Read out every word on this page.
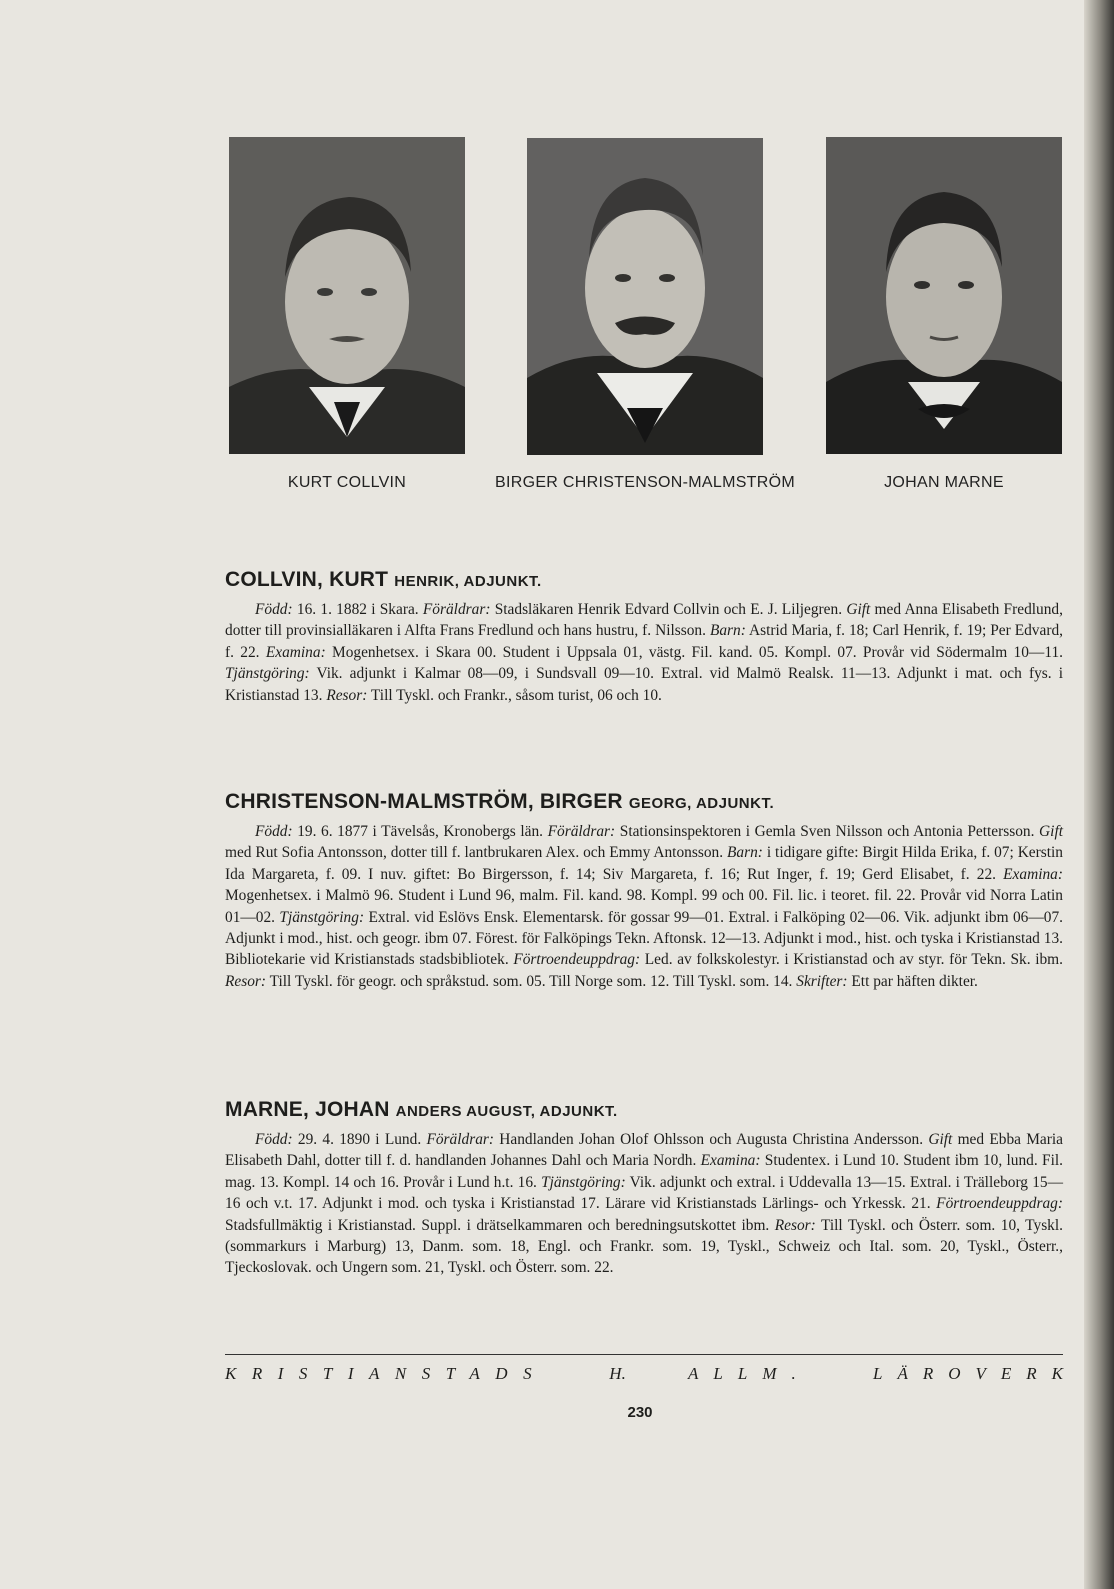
KURT COLLVIN	BIRGER CHRISTENSON-MALMSTRÖM	JOHAN MARNE
COLLVIN, KURT HENRIK, ADJUNKT.

Född: 16. 1. 1882 i Skara. Föräldrar: Stadsläkaren Henrik Edvard Collvin och E. J. Liljegren. Gift med Anna Elisabeth Fredlund, dotter till provinsialläkaren i Alfta Frans Fredlund och hans hustru, f. Nilsson. Barn: Astrid Maria, f. 18; Carl Henrik, f. 19; Per Edvard, f. 22. Examina: Mogenhetsex. i Skara 00. Student i Uppsala 01, västg. Fil. kand. 05. Kompl. 07. Provår vid Södermalm 10—11. Tjänstgöring: Vik. adjunkt i Kalmar 08—09, i Sundsvall 09—10. Extral. vid Malmö Realsk. 11—13. Adjunkt i mat. och fys. i Kristianstad 13. Resor: Till Tyskl. och Frankr., såsom turist, 06 och 10.

CHRISTENSON-MALMSTRÖM, BIRGER GEORG, ADJUNKT.

Född: 19. 6. 1877 i Tävelsås, Kronobergs län. Föräldrar: Stationsinspektoren i Gemla Sven Nilsson och Antonia Pettersson. Gift med Rut Sofia Antonsson, dotter till f. lantbrukaren Alex. och Emmy Antonsson. Barn: i tidigare gifte: Birgit Hilda Erika, f. 07; Kerstin Ida Margareta, f. 09. I nuv. giftet: Bo Birgersson, f. 14; Siv Margareta, f. 16; Rut Inger, f. 19; Gerd Elisabet, f. 22. Examina: Mogenhetsex. i Malmö 96. Student i Lund 96, malm. Fil. kand. 98. Kompl. 99 och 00. Fil. lic. i teoret. fil. 22. Provår vid Norra Latin 01—02. Tjänstgöring: Extral. vid Eslövs Ensk. Elementarsk. för gossar 99—01. Extral. i Falköping 02—06. Vik. adjunkt ibm 06—07. Adjunkt i mod., hist. och geogr. ibm 07. Förest. för Falköpings Tekn. Aftonsk. 12—13. Adjunkt i mod., hist. och tyska i Kristianstad 13. Bibliotekarie vid Kristianstads stadsbibliotek. Förtroendeuppdrag: Led. av folkskolestyr. i Kristianstad och av styr. för Tekn. Sk. ibm. Resor: Till Tyskl. för geogr. och språkstud. som. 05. Till Norge som. 12. Till Tyskl. som. 14. Skrifter: Ett par häften dikter.

MARNE, JOHAN ANDERS AUGUST, ADJUNKT.

Född: 29. 4. 1890 i Lund. Föräldrar: Handlanden Johan Olof Ohlsson och Augusta Christina Andersson. Gift med Ebba Maria Elisabeth Dahl, dotter till f. d. handlanden Johannes Dahl och Maria Nordh. Examina: Studentex. i Lund 10. Student ibm 10, lund. Fil. mag. 13. Kompl. 14 och 16. Provår i Lund h.t. 16. Tjänstgöring: Vik. adjunkt och extral. i Uddevalla 13—15. Extral. i Trälleborg 15—16 och v.t. 17. Adjunkt i mod. och tyska i Kristianstad 17. Lärare vid Kristianstads Lärlings- och Yrkessk. 21. Förtroendeuppdrag: Stadsfullmäktig i Kristianstad. Suppl. i drätselkammaren och beredningsutskottet ibm. Resor: Till Tyskl. och Österr. som. 10, Tyskl. (sommarkurs i Marburg) 13, Danm. som. 18, Engl. och Frankr. som. 19, Tyskl., Schweiz och Ital. som. 20, Tyskl., Österr., Tjeckoslovak. och Ungern som. 21, Tyskl. och Österr. som. 22.

KRISTIANSTADS	H.	ALLM.	LÄROVERK
230
